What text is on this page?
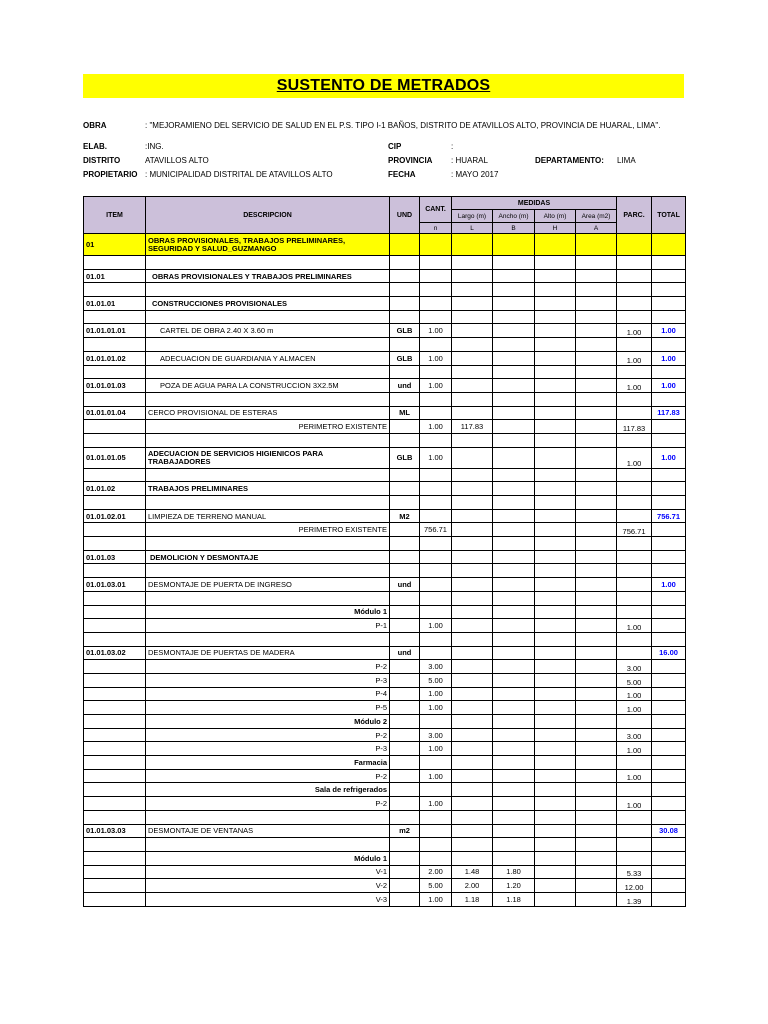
SUSTENTO DE METRADOS
OBRA	: "MEJORAMIENO DEL SERVICIO DE SALUD EN EL P.S. TIPO I-1 BAÑOS, DISTRITO DE ATAVILLOS ALTO, PROVINCIA DE HUARAL, LIMA".
ELAB.	:ING.	CIP	:
DISTRITO	ATAVILLOS ALTO	PROVINCIA : HUARAL	DEPARTAMENTO: LIMA
PROPIETARIO : MUNICIPALIDAD DISTRITAL DE ATAVILLOS ALTO	FECHA	: MAYO 2017
ITEM	DESCRIPCION	UND	CANT.	MEDIDAS				PARC.	TOTAL
				Largo (m)	Ancho (m)	Alto (m)	Area (m2)		
			n	L	B	H	A		
01	OBRAS PROVISIONALES, TRABAJOS PRELIMINARES, SEGURIDAD Y SALUD_GUZMANGO								

01.01	OBRAS PROVISIONALES Y TRABAJOS PRELIMINARES								

01.01.01	CONSTRUCCIONES PROVISIONALES								

01.01.01.01	CARTEL DE OBRA 2.40 X 3.60 m	GLB	1.00					1.00	1.00

01.01.01.02	ADECUACION DE GUARDIANIA Y ALMACEN	GLB	1.00					1.00	1.00

01.01.01.03	POZA DE AGUA PARA LA CONSTRUCCION 3X2.5M	und	1.00					1.00	1.00

01.01.01.04	CERCO PROVISIONAL DE ESTERAS	ML							117.83
	PERIMETRO EXISTENTE		1.00	117.83				117.83	

01.01.01.05	ADECUACION DE SERVICIOS HIGIENICOS PARA TRABAJADORES	GLB	1.00					1.00	1.00

01.01.02	TRABAJOS PRELIMINARES								

01.01.02.01	LIMPIEZA DE TERRENO MANUAL	M2							756.71
	PERIMETRO EXISTENTE		756.71					756.71	

01.01.03	DEMOLICION Y DESMONTAJE								

01.01.03.01	DESMONTAJE DE PUERTA DE INGRESO	und							1.00

	Módulo 1								
	P-1		1.00					1.00	

01.01.03.02	DESMONTAJE DE PUERTAS DE MADERA	und							16.00
	P-2		3.00					3.00	
	P-3		5.00					5.00	
	P-4		1.00					1.00	
	P-5		1.00					1.00	
	Módulo 2								
	P-2		3.00					3.00	
	P-3		1.00					1.00	
	Farmacia								
	P-2		1.00					1.00	
	Sala de refrigerados								
	P-2		1.00					1.00	

01.01.03.03	DESMONTAJE DE VENTANAS	m2							30.08

	Módulo 1								
	V-1		2.00	1.48	1.80			5.33	
	V-2		5.00	2.00	1.20			12.00	
	V-3		1.00	1.18	1.18			1.39	
